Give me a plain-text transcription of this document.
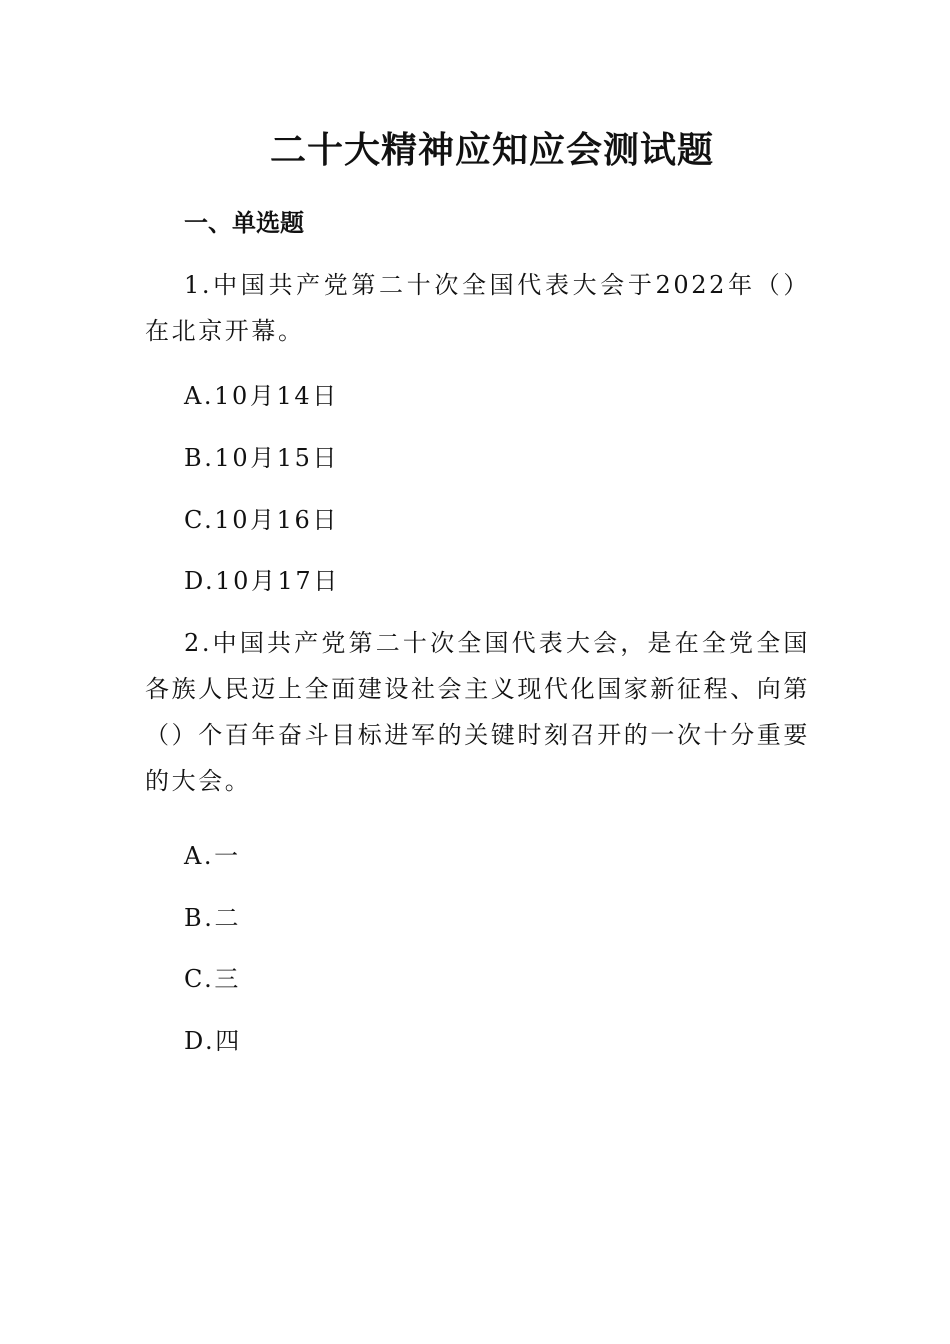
二十大精神应知应会测试题
一、单选题

1.中国共产党第二十次全国代表大会于2022年（）在北京开幕。

A.10月14日

B.10月15日

C.10月16日

D.10月17日

2.中国共产党第二十次全国代表大会，是在全党全国各族人民迈上全面建设社会主义现代化国家新征程、向第（）个百年奋斗目标进军的关键时刻召开的一次十分重要的大会。

A.一

B.二

C.三

D.四
